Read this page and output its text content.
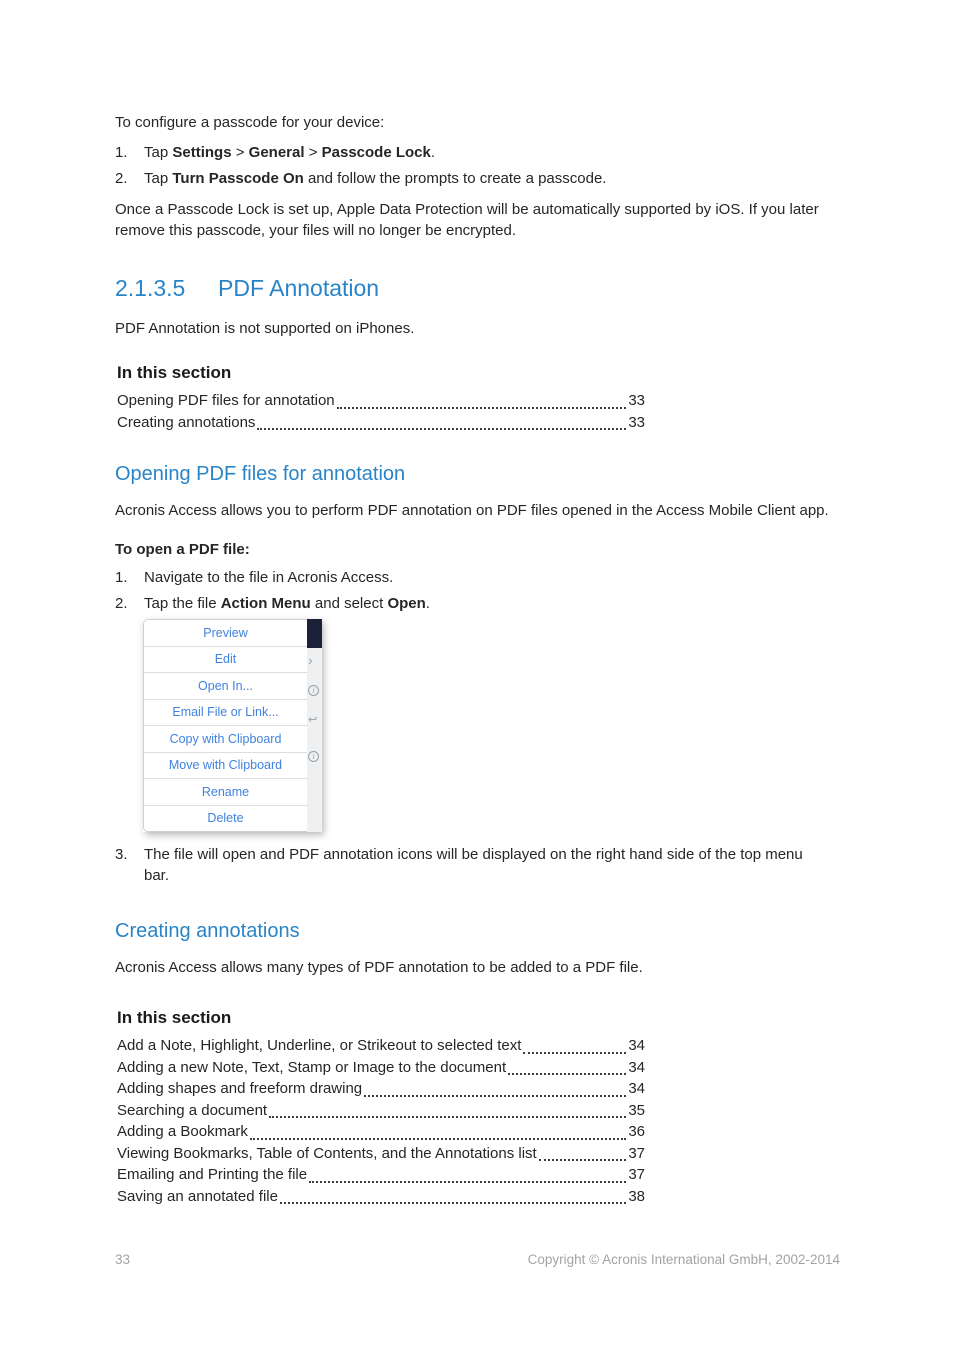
To configure a passcode for your device:

1.	Tap Settings > General > Passcode Lock.
2.	Tap Turn Passcode On and follow the prompts to create a passcode.

Once a Passcode Lock is set up, Apple Data Protection will be automatically supported by iOS. If you later remove this passcode, your files will no longer be encrypted.

2.1.3.5	PDF Annotation

PDF Annotation is not supported on iPhones.

In this section
Opening PDF files for annotation	33
Creating annotations	33
Opening PDF files for annotation

Acronis Access allows you to perform PDF annotation on PDF files opened in the Access Mobile Client app.

To open a PDF file:
1.	Navigate to the file in Acronis Access.
2.	Tap the file Action Menu and select Open.
Preview
Edit
Open In...
Email File or Link...
Copy with Clipboard
Move with Clipboard
Rename
Delete
›
i
↩
i
3.	The file will open and PDF annotation icons will be displayed on the right hand side of the top menu bar.
Creating annotations

Acronis Access allows many types of PDF annotation to be added to a PDF file.

In this section
Add a Note, Highlight, Underline, or Strikeout to selected text	34
Adding a new Note, Text, Stamp or Image to the document	34
Adding shapes and freeform drawing	34
Searching a document	35
Adding a Bookmark	36
Viewing Bookmarks, Table of Contents, and the Annotations list	37
Emailing and Printing the file	37
Saving an annotated file	38
33	Copyright © Acronis International GmbH, 2002-2014
